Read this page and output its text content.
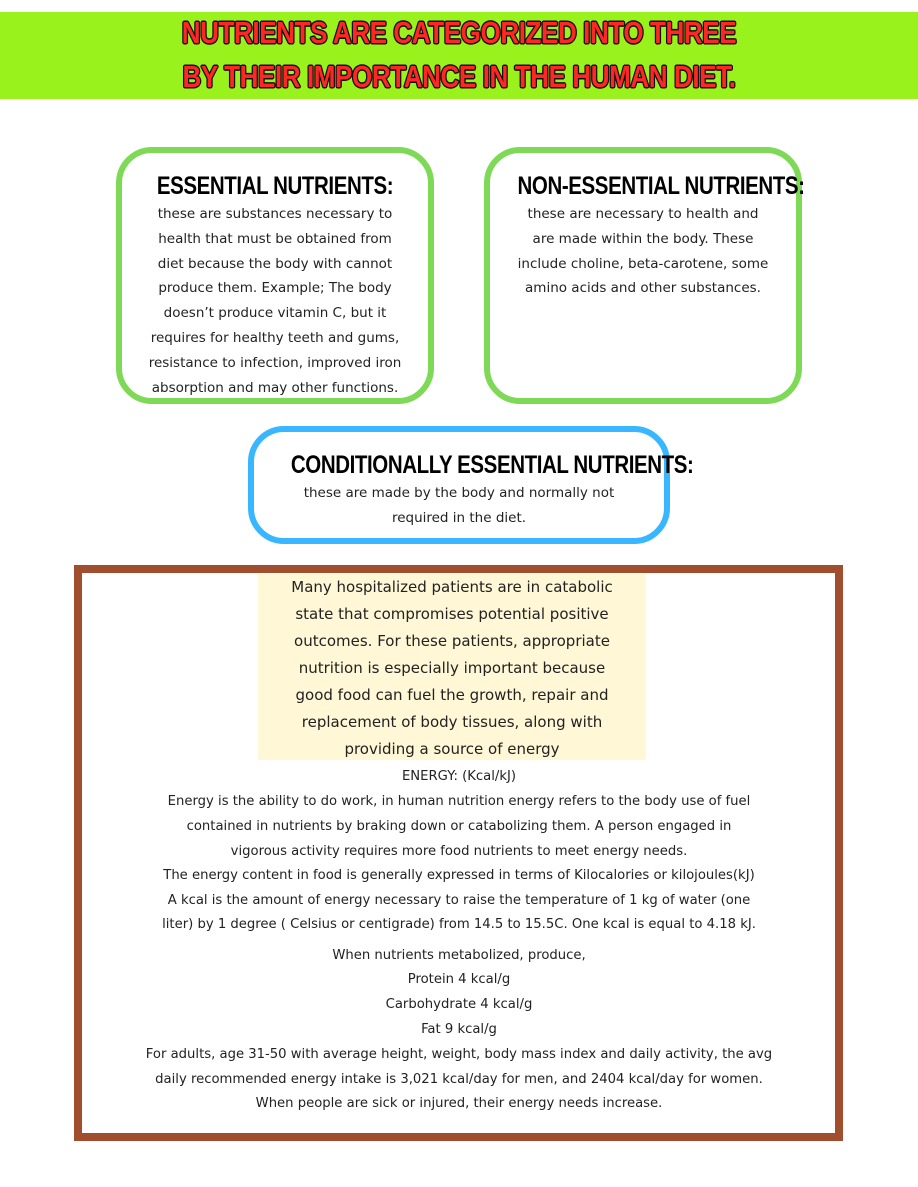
NUTRIENTS ARE CATEGORIZED INTO THREE
BY THEIR IMPORTANCE IN THE HUMAN DIET.
ESSENTIAL NUTRIENTS:
these are substances necessary to
health that must be obtained from
diet because the body with cannot
produce them. Example; The body
doesn’t produce vitamin C, but it
requires for healthy teeth and gums,
resistance to infection, improved iron
absorption and may other functions.
NON-ESSENTIAL NUTRIENTS:
these are necessary to health and
are made within the body. These
include choline, beta-carotene, some
amino acids and other substances.
CONDITIONALLY ESSENTIAL NUTRIENTS:
these are made by the body and normally not
required in the diet.
Many hospitalized patients are in catabolic
state that compromises potential positive
outcomes. For these patients, appropriate
nutrition is especially important because
good food can fuel the growth, repair and
replacement of body tissues, along with
providing a source of energy
ENERGY: (Kcal/kJ)
Energy is the ability to do work, in human nutrition energy refers to the body use of fuel
contained in nutrients by braking down or catabolizing them. A person engaged in
vigorous activity requires more food nutrients to meet energy needs.
The energy content in food is generally expressed in terms of Kilocalories or kilojoules(kJ)
A kcal is the amount of energy necessary to raise the temperature of 1 kg of water (one
liter) by 1 degree ( Celsius or centigrade) from 14.5 to 15.5C. One kcal is equal to 4.18 kJ.
When nutrients metabolized, produce,
Protein 4 kcal/g
Carbohydrate 4 kcal/g
Fat 9 kcal/g
For adults, age 31-50 with average height, weight, body mass index and daily activity, the avg
daily recommended energy intake is 3,021 kcal/day for men, and 2404 kcal/day for women.
When people are sick or injured, their energy needs increase.
